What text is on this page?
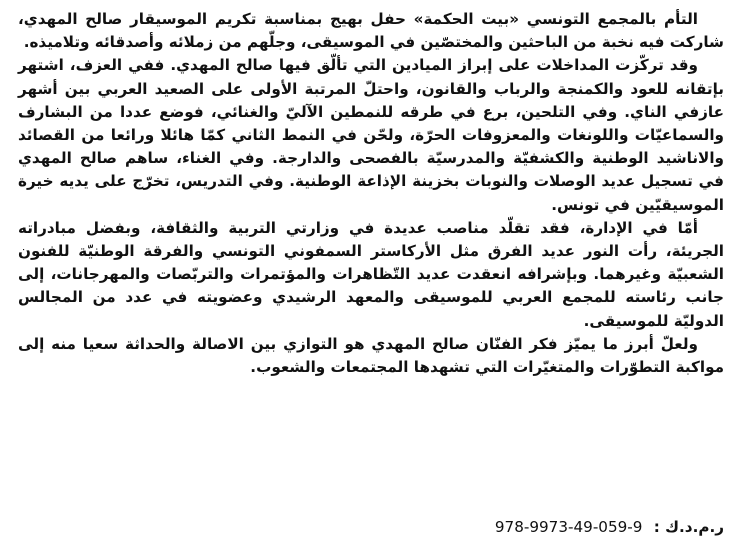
التأم بالمجمع التونسي «بيت الحكمة» حفل بهيج بمناسبة تكريم الموسيقار صالح المهدي، شاركت فيه نخبة من الباحثين والمختصّين في الموسيقى، وجلّهم من زملائه وأصدقائه وتلاميذه.

وقد تركّزت المداخلات على إبراز الميادين التي تألّق فيها صالح المهدي. ففي العزف، اشتهر بإتقانه للعود والكمنجة والرباب والقانون، واحتلّ المرتبة الأولى على الصعيد العربي بين أشهر عازفي الناي. وفي التلحين، برع في طرقه للنمطين الآليّ والغنائي، فوضع عددا من البشارف والسماعيّات واللونغات والمعزوفات الحرّة، ولحّن في النمط الثاني كمّا هائلا ورائعا من القصائد والاناشيد الوطنية والكشفيّة والمدرسيّة بالفصحى والدارجة. وفي الغناء، ساهم صالح المهدي في تسجيل عديد الوصلات والنوبات بخزينة الإذاعة الوطنية. وفي التدريس، تخرّج على يديه خيرة الموسيقيّين في تونس.

أمّا في الإدارة، فقد تقلّد مناصب عديدة في وزارتي التربية والثقافة، وبفضل مبادراته الجريئة، رأت النور عديد الفرق مثل الأركاستر السمفوني التونسي والفرقة الوطنيّة للفنون الشعبيّة وغيرهما. وبإشرافه انعقدت عديد التّظاهرات والمؤتمرات والتربّصات والمهرجانات، إلى جانب رئاسته للمجمع العربي للموسيقى والمعهد الرشيدي وعضويته في عدد من المجالس الدوليّة للموسيقى.

ولعلّ أبرز ما يميّز فكر الفنّان صالح المهدي هو التوازي بين الاصالة والحداثة سعيا منه إلى مواكبة التطوّرات والمتغيّرات التي تشهدها المجتمعات والشعوب.

ر.م.د.ك : 978-9973-49-059-9
